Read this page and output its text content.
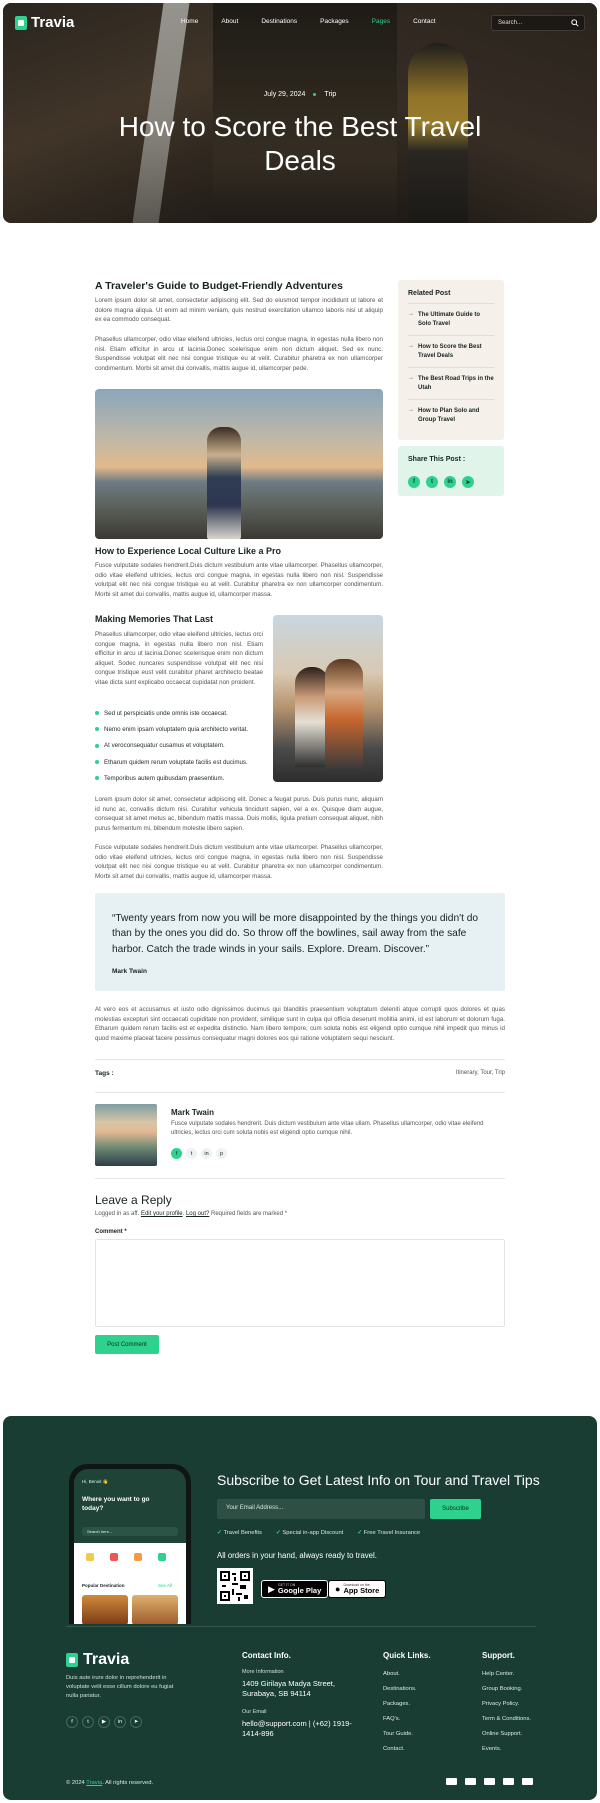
Travia	Home	About	Destinations	Packages	Pages	Contact	Search...
July 29, 2024	Trip
How to Score the Best Travel Deals
A Traveler's Guide to Budget-Friendly Adventures

Lorem ipsum dolor sit amet, consectetur adipiscing elit. Sed do eiusmod tempor incididunt ut labore et dolore magna aliqua. Ut enim ad minim veniam, quis nostrud exercitation ullamco laboris nisi ut aliquip ex ea commodo consequat.

Phasellus ullamcorper, odio vitae eleifend ultricies, lectus orci congue magna, in egestas nulla libero non nisl. Etiam efficitur in arcu ut lacinia.Donec scelerisque enim non dictum aliquet. Sed ex nunc. Suspendisse volutpat elit nec nisi congue tristique eu at velit. Curabitur pharetra ex non ullamcorper condimentum. Morbi sit amet dui convallis, mattis augue id, ullamcorper pede.

How to Experience Local Culture Like a Pro

Fusce vulputate sodales hendrerit.Duis dictum vestibulum ante vitae ullamcorper. Phasellus ullamcorper, odio vitae eleifend ultricies, lectus orci congue magna, in egestas nulla libero non nisl. Suspendisse volutpat elit nec nisi congue tristique eu at velit. Curabitur pharetra ex non ullamcorper condimentum. Morbi sit amet dui convallis, mattis augue id, ullamcorper massa.

Making Memories That Last

Phasellus ullamcorper, odio vitae eleifend ultricies, lectus orci congue magna, in egestas nulla libero non nisl. Etiam efficitur in arcu ut lacinia.Donec scelerisque enim non dictum aliquet. Sodec nuncares suspendisse volutpat elit nec nisi congue tristique eust velit curabitur pharet architecto beatae vitae dicta sunt explicabo occaecat cupidatat non proident.

Sed ut perspiciatis unde omnis iste occaecat.
Nemo enim ipsam voluptatem quia architecto veritat.
At veroconsequatur cusamus et voluptatem.
Etharum quidem rerum voluptate facilis est ducimus.
Temporibus autem quibusdam praesentium.

Lorem ipsum dolor sit amet, consectetur adipiscing elit. Donec a feugat purus. Duis purus nunc, aliquam id nunc ac, convallis dictum nisi. Curabitur vehicula tincidunt sapien, vel a ex. Quisque diam augue, consequat sit amet metus ac, bibendum mattis massa. Duis mollis, ligula pretium consequat aliquet, nibh purus fermentum mi, bibendum molestie libero sapien.

Fusce vulputate sodales hendrerit.Duis dictum vestibulum ante vitae ullamcorper. Phasellus ullamcorper, odio vitae eleifend ultricies, lectus orci congue magna, in egestas nulla libero non nisl. Suspendisse volutpat elit nec nisi congue tristique eu at velit. Curabitur pharetra ex non ullamcorper condimentum. Morbi sit amet dui convallis, mattis augue id, ullamcorper massa.

Related Post
→ The Ultimate Guide to Solo Travel
→ How to Score the Best Travel Deals
→ The Best Road Trips in the Utah
→ How to Plan Solo and Group Travel
Share This Post :
f	t	in	➤
“Twenty years from now you will be more disappointed by the things you didn't do than by the ones you did do. So throw off the bowlines, sail away from the safe harbor. Catch the trade winds in your sails. Explore. Dream. Discover.”
Mark Twain

At vero eos et accusamus et iusto odio dignissimos ducimus qui blanditiis praesentium voluptatum deleniti atque corrupti quos dolores et quas molestias excepturi sint occaecati cupiditate non provident, similique sunt in culpa qui officia deserunt mollitia animi, id est laborum et dolorum fuga. Etharum quidem rerum facilis est et expedita distinctio. Nam libero tempore, cum soluta nobis est eligendi optio cumque nihil impedit quo minus id quod maxime placeat facere possimus consequatur magni dolores eos qui ratione voluptatem sequi nesciunt.

Tags :	Itinerary, Tour, Trip
Mark Twain
Fusce vulputate sodales hendrerit. Duis dictum vestibulum ante vitae ullam. Phasellus ullamcorper, odio vitae eleifend ultricies, lectus orci cum soluta nobis est eligendi optio cumque nihil.
f	t	in	p
Leave a Reply
Logged in as aff. Edit your profile. Log out? Required fields are marked *
Comment *
Post Comment
Hi, Benoit 👋
Where you want to go today?
Search here...
Popular Destination	See All
Subscribe to Get Latest Info on Tour and Travel Tips
Your Email Address...	Subscribe
✓ Travel Benefits	✓ Special in-app Discount	✓ Free Travel Insurance
All orders in your hand, always ready to travel.
▶ GET IT ON
Google Play ● Download on the
App Store
Travia
Duis aute irure dolor in reprehenderit in voluptate velit esse cillum dolore eu fugiat nulla pariatur.
f	t	▶	in	➤
Contact Info.
More Information
1409 Girilaya Madya Street, Surabaya, SB 94114
Our Email
hello@support.com | (+62) 1919-1414-896
Quick Links.
About.
Destinations.
Packages.
FAQ's.
Tour Guide.
Contact.
Support.
Help Center.
Group Booking.
Privacy Policy.
Term & Conditions.
Online Support.
Events.
© 2024 Travia. All rights reserved.
